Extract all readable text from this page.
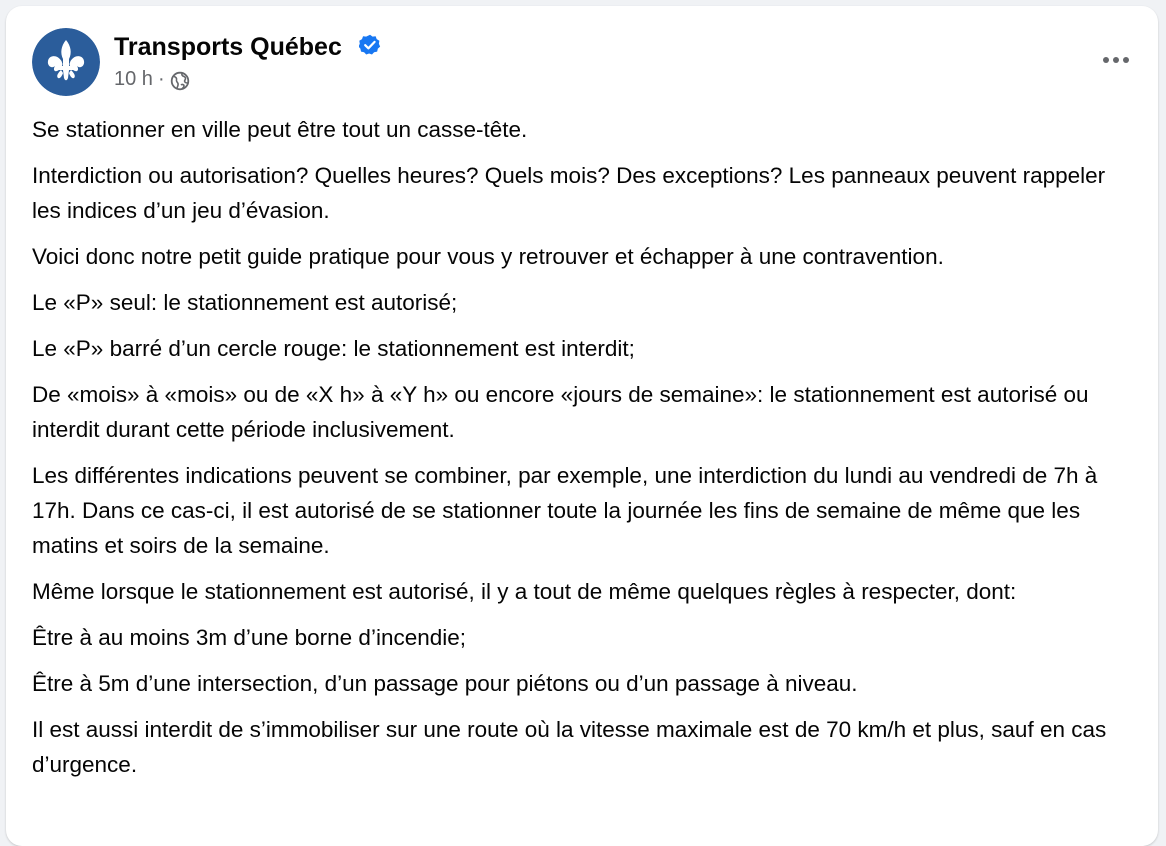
Transports Québec
10 h ·

Se stationner en ville peut être tout un casse-tête.

Interdiction ou autorisation? Quelles heures? Quels mois? Des exceptions? Les panneaux peuvent rappeler les indices d’un jeu d’évasion.

Voici donc notre petit guide pratique pour vous y retrouver et échapper à une contravention.

Le «P» seul: le stationnement est autorisé;

Le «P» barré d’un cercle rouge: le stationnement est interdit;

De «mois» à «mois» ou de «X h» à «Y h» ou encore «jours de semaine»: le stationnement est autorisé ou interdit durant cette période inclusivement.

Les différentes indications peuvent se combiner, par exemple, une interdiction du lundi au vendredi de 7h à 17h. Dans ce cas-ci, il est autorisé de se stationner toute la journée les fins de semaine de même que les matins et soirs de la semaine.

Même lorsque le stationnement est autorisé, il y a tout de même quelques règles à respecter, dont:

Être à au moins 3m d’une borne d’incendie;

Être à 5m d’une intersection, d’un passage pour piétons ou d’un passage à niveau.

Il est aussi interdit de s’immobiliser sur une route où la vitesse maximale est de 70 km/h et plus, sauf en cas d’urgence.
